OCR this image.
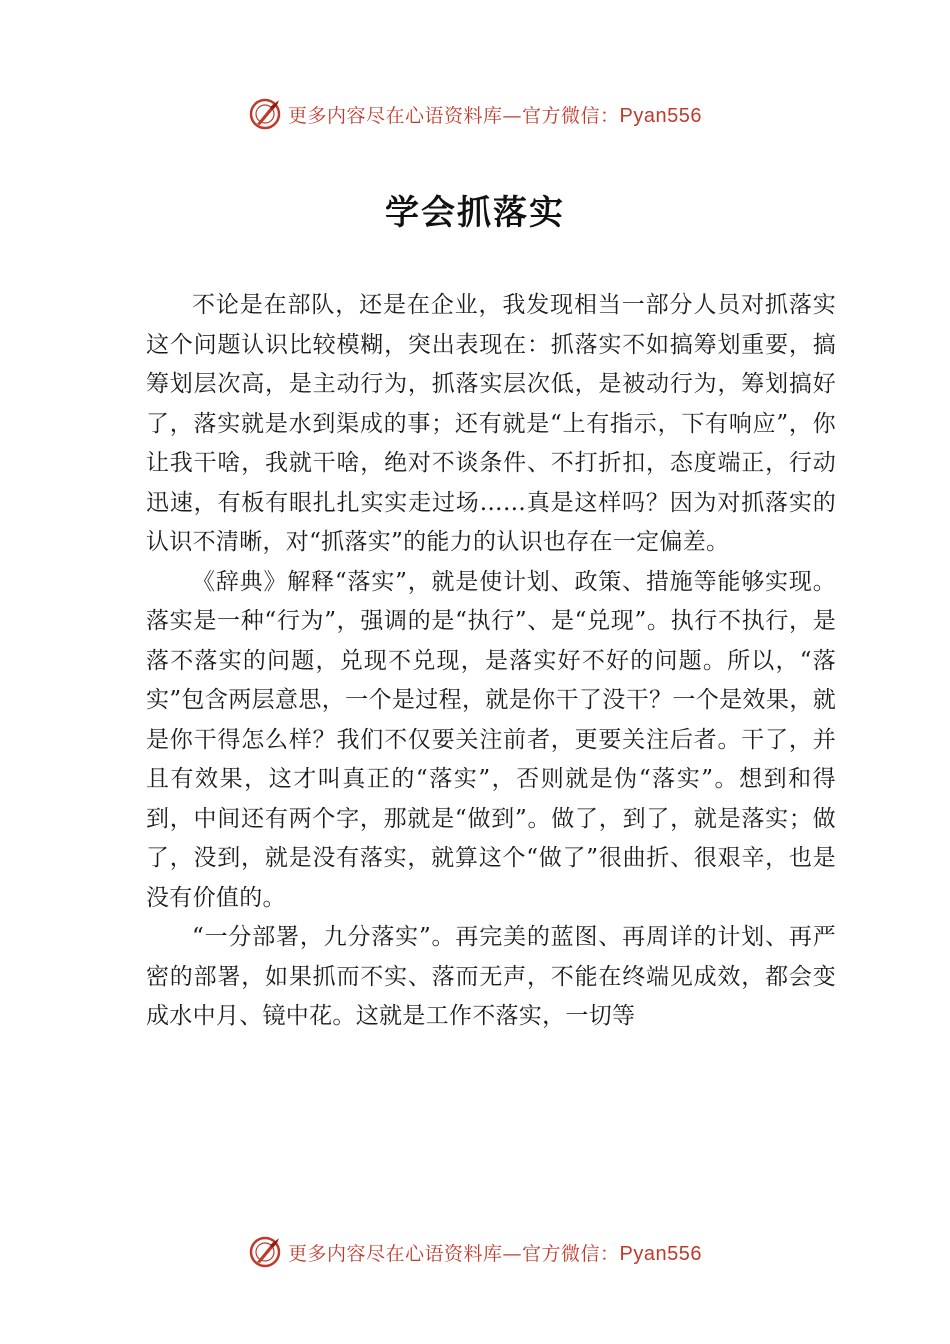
更多内容尽在心语资料库—官方微信：Pyan556
学会抓落实

不论是在部队，还是在企业，我发现相当一部分人员对抓落实这个问题认识比较模糊，突出表现在：抓落实不如搞筹划重要，搞筹划层次高，是主动行为，抓落实层次低，是被动行为，筹划搞好了，落实就是水到渠成的事；还有就是“上有指示，下有响应”，你让我干啥，我就干啥，绝对不谈条件、不打折扣，态度端正，行动迅速，有板有眼扎扎实实走过场……真是这样吗？因为对抓落实的认识不清晰，对“抓落实”的能力的认识也存在一定偏差。

《辞典》解释“落实”，就是使计划、政策、措施等能够实现。落实是一种“行为”，强调的是“执行”、是“兑现”。执行不执行，是落不落实的问题，兑现不兑现，是落实好不好的问题。所以，“落实”包含两层意思，一个是过程，就是你干了没干？一个是效果，就是你干得怎么样？我们不仅要关注前者，更要关注后者。干了，并且有效果，这才叫真正的“落实”，否则就是伪“落实”。想到和得到，中间还有两个字，那就是“做到”。做了，到了，就是落实；做了，没到，就是没有落实，就算这个“做了”很曲折、很艰辛，也是没有价值的。

“一分部署，九分落实”。再完美的蓝图、再周详的计划、再严密的部署，如果抓而不实、落而无声，不能在终端见成效，都会变成水中月、镜中花。这就是工作不落实，一切等

更多内容尽在心语资料库—官方微信：Pyan556
